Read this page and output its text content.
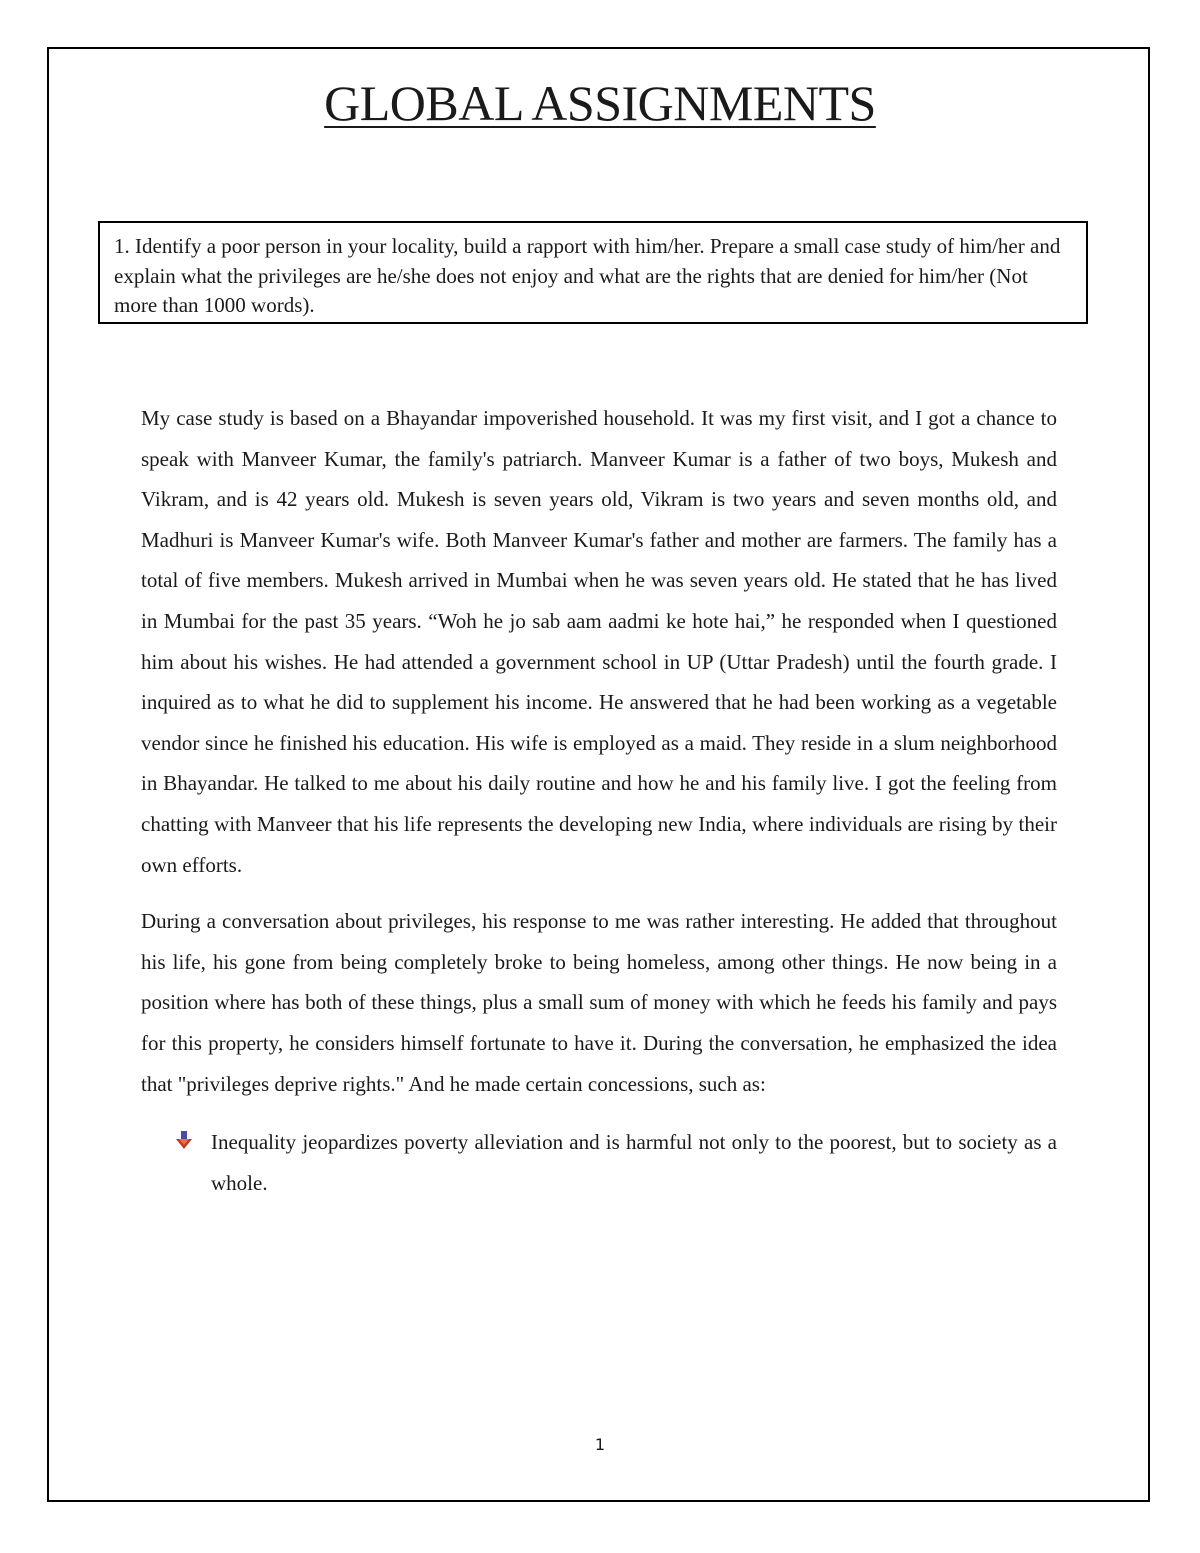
GLOBAL ASSIGNMENTS
1. Identify a poor person in your locality, build a rapport with him/her. Prepare a small case study of him/her and explain what the privileges are he/she does not enjoy and what are the rights that are denied for him/her (Not more than 1000 words).

My case study is based on a Bhayandar impoverished household. It was my first visit, and I got a chance to speak with Manveer Kumar, the family's patriarch. Manveer Kumar is a father of two boys, Mukesh and Vikram, and is 42 years old. Mukesh is seven years old, Vikram is two years and seven months old, and Madhuri is Manveer Kumar's wife. Both Manveer Kumar's father and mother are farmers. The family has a total of five members. Mukesh arrived in Mumbai when he was seven years old. He stated that he has lived in Mumbai for the past 35 years. “Woh he jo sab aam aadmi ke hote hai,” he responded when I questioned him about his wishes. He had attended a government school in UP (Uttar Pradesh) until the fourth grade. I inquired as to what he did to supplement his income. He answered that he had been working as a vegetable vendor since he finished his education. His wife is employed as a maid. They reside in a slum neighborhood in Bhayandar. He talked to me about his daily routine and how he and his family live. I got the feeling from chatting with Manveer that his life represents the developing new India, where individuals are rising by their own efforts.

During a conversation about privileges, his response to me was rather interesting. He added that throughout his life, his gone from being completely broke to being homeless, among other things. He now being in a position where has both of these things, plus a small sum of money with which he feeds his family and pays for this property, he considers himself fortunate to have it. During the conversation, he emphasized the idea that "privileges deprive rights." And he made certain concessions, such as:

Inequality jeopardizes poverty alleviation and is harmful not only to the poorest, but to society as a whole.
1
